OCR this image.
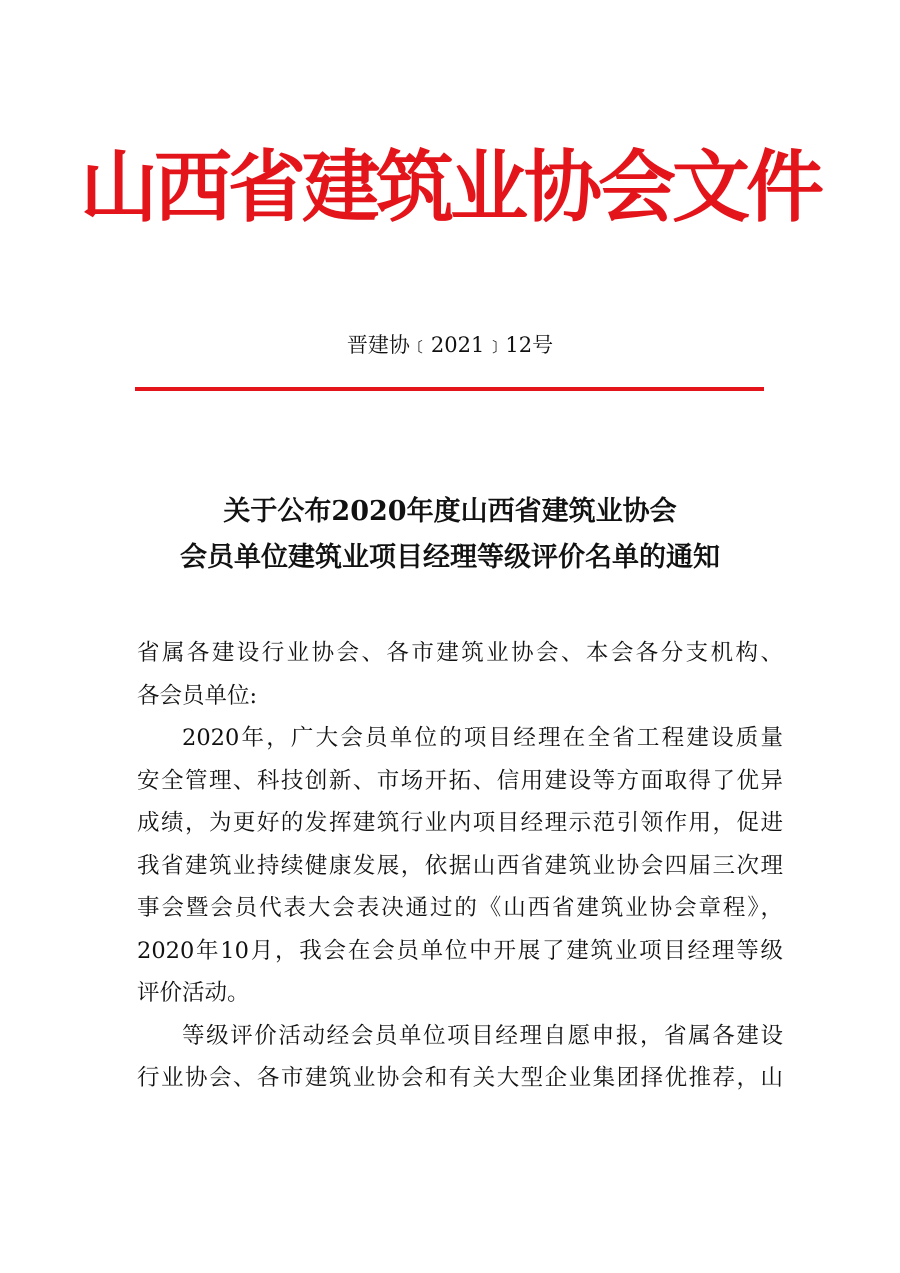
山西省建筑业协会文件
晋建协﹝2021﹞12号
关于公布2020年度山西省建筑业协会
会员单位建筑业项目经理等级评价名单的通知
省属各建设行业协会、各市建筑业协会、本会各分支机构、
各会员单位:
2020年，广大会员单位的项目经理在全省工程建设质量
安全管理、科技创新、市场开拓、信用建设等方面取得了优异
成绩，为更好的发挥建筑行业内项目经理示范引领作用，促进
我省建筑业持续健康发展，依据山西省建筑业协会四届三次理
事会暨会员代表大会表决通过的《山西省建筑业协会章程》，
2020年10月，我会在会员单位中开展了建筑业项目经理等级
评价活动。
等级评价活动经会员单位项目经理自愿申报，省属各建设
行业协会、各市建筑业协会和有关大型企业集团择优推荐，山
